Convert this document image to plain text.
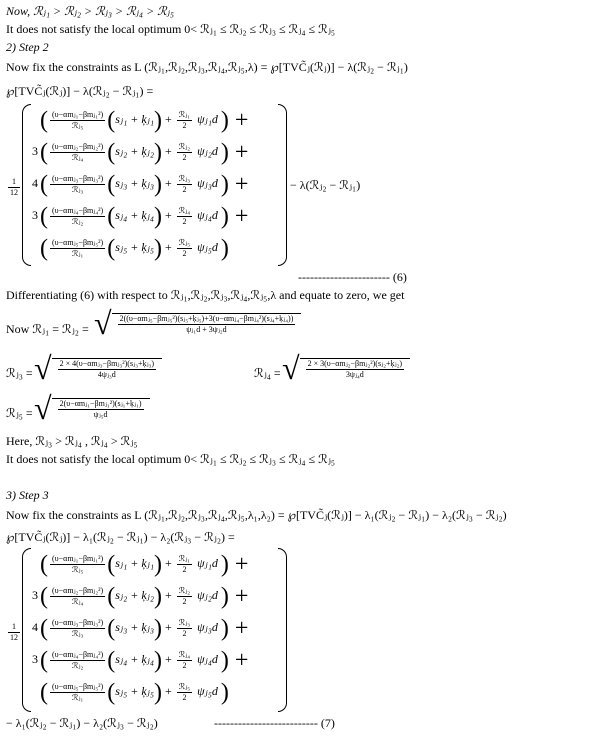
Now, ℛⱼ₁ > ℛⱼ₂ > ℛⱼ₃ > ℛⱼ₄ > ℛⱼ₅
It does not satisfy the local optimum 0< ℛⱼ₁ ≤ ℛⱼ₂ ≤ ℛⱼ₃ ≤ ℛⱼ₄ ≤ ℛⱼ₅
2) Step 2
Now fix the constraints as L (ℛⱼ₁,ℛⱼ₂,ℛⱼ₃,ℛⱼ₄,ℛⱼ₅,λ) = ℘[TVC̃ⱼ(ℛⱼ)] − λ(ℛⱼ₂ − ℛⱼ₁)
℘[TVC̃ⱼ(ℛⱼ)] − λ(ℛⱼ₂ − ℛⱼ₁) =
$\frac{1}{12}$
( $\frac{\text{(υ−αmⱼ₁−βmⱼ₁²)}}{\text{ℛⱼ₅}}$ (sⱼ₁ + ķⱼ₁) + $\frac{\text{ℛⱼ₁}}{2}$ ψⱼ₁d ) +
$3( \frac{\text{(υ−αmⱼ₂−βmⱼ₂²)}}{\text{ℛⱼ₄}}$ (sⱼ₂ + ķⱼ₂) + $\frac{\text{ℛⱼ₂}}{2}$ ψⱼ₂d ) +
$4( \frac{\text{(υ−αmⱼ₃−βmⱼ₃²)}}{\text{ℛⱼ₃}}$ (sⱼ₃ + ķⱼ₃) + $\frac{\text{ℛⱼ₃}}{2}$ ψⱼ₃d ) +
$3( \frac{\text{(υ−αmⱼ₄−βmⱼ₄²)}}{\text{ℛⱼ₂}}$ (sⱼ₄ + ķⱼ₄) + $\frac{\text{ℛⱼ₄}}{2}$ ψⱼ₄d ) +
( $\frac{\text{(υ−αmⱼ₅−βmⱼ₅²)}}{\text{ℛⱼ₁}}$ (sⱼ₅ + ķⱼ₅) + $\frac{\text{ℛⱼ₅}}{2}$ ψⱼ₅d )
− λ(ℛⱼ₂ − ℛⱼ₁)
----------------------- (6)
Differentiating (6) with respect to ℛⱼ₁,ℛⱼ₂,ℛⱼ₃,ℛⱼ₄,ℛⱼ₅,λ and equate to zero, we get
Now ℛⱼ₁ = ℛⱼ₂ = √ $\frac{\text{2((υ−αmⱼ₅−βmⱼ₅²)(sⱼ₅+ķⱼ₅)+3(υ−αmⱼ₄−βmⱼ₄²)(sⱼ₄+ķⱼ₄))}}{\text{ψⱼ₁d + 3ψⱼ₂d}}$
ℛⱼ₃ = √ $\frac{\text{2 × 4(υ−αmⱼ₃−βmⱼ₃²)(sⱼ₃+ķⱼ₃)}}{\text{4ψⱼ₃d}}$	ℛⱼ₄ = √ $\frac{\text{2 × 3(υ−αmⱼ₂−βmⱼ₂²)(sⱼ₂+ķⱼ₂)}}{\text{3ψⱼ₄d}}$
ℛⱼ₅ = √ $\frac{\text{2(υ−αmⱼ₁−βmⱼ₁²)(sⱼ₁+ķⱼ₁)}}{\text{ψⱼ₅d}}$
Here, ℛⱼ₃ > ℛⱼ₄ , ℛⱼ₄ > ℛⱼ₅
It does not satisfy the local optimum 0< ℛⱼ₁ ≤ ℛⱼ₂ ≤ ℛⱼ₃ ≤ ℛⱼ₄ ≤ ℛⱼ₅
3) Step 3
Now fix the constraints as L (ℛⱼ₁,ℛⱼ₂,ℛⱼ₃,ℛⱼ₄,ℛⱼ₅,λ₁,λ₂) = ℘[TVC̃ⱼ(ℛⱼ)] − λ₁(ℛⱼ₂ − ℛⱼ₁) − λ₂(ℛⱼ₃ − ℛⱼ₂)
℘[TVC̃ⱼ(ℛⱼ)] − λ₁(ℛⱼ₂ − ℛⱼ₁) − λ₂(ℛⱼ₃ − ℛⱼ₂) =
$\frac{1}{12}$
( $\frac{\text{(υ−αmⱼ₁−βmⱼ₁²)}}{\text{ℛⱼ₅}}$ (sⱼ₁ + ķⱼ₁) + $\frac{\text{ℛⱼ₁}}{2}$ ψⱼ₁d ) +
$3( \frac{\text{(υ−αmⱼ₂−βmⱼ₂²)}}{\text{ℛⱼ₄}}$ (sⱼ₂ + ķⱼ₂) + $\frac{\text{ℛⱼ₂}}{2}$ ψⱼ₂d ) +
$4( \frac{\text{(υ−αmⱼ₃−βmⱼ₃²)}}{\text{ℛⱼ₃}}$ (sⱼ₃ + ķⱼ₃) + $\frac{\text{ℛⱼ₃}}{2}$ ψⱼ₃d ) +
$3( \frac{\text{(υ−αmⱼ₄−βmⱼ₄²)}}{\text{ℛⱼ₂}}$ (sⱼ₄ + ķⱼ₄) + $\frac{\text{ℛⱼ₄}}{2}$ ψⱼ₄d ) +
( $\frac{\text{(υ−αmⱼ₅−βmⱼ₅²)}}{\text{ℛⱼ₁}}$ (sⱼ₅ + ķⱼ₅) + $\frac{\text{ℛⱼ₅}}{2}$ ψⱼ₅d )
− λ₁(ℛⱼ₂ − ℛⱼ₁) − λ₂(ℛⱼ₃ − ℛⱼ₂)	-------------------------- (7)
